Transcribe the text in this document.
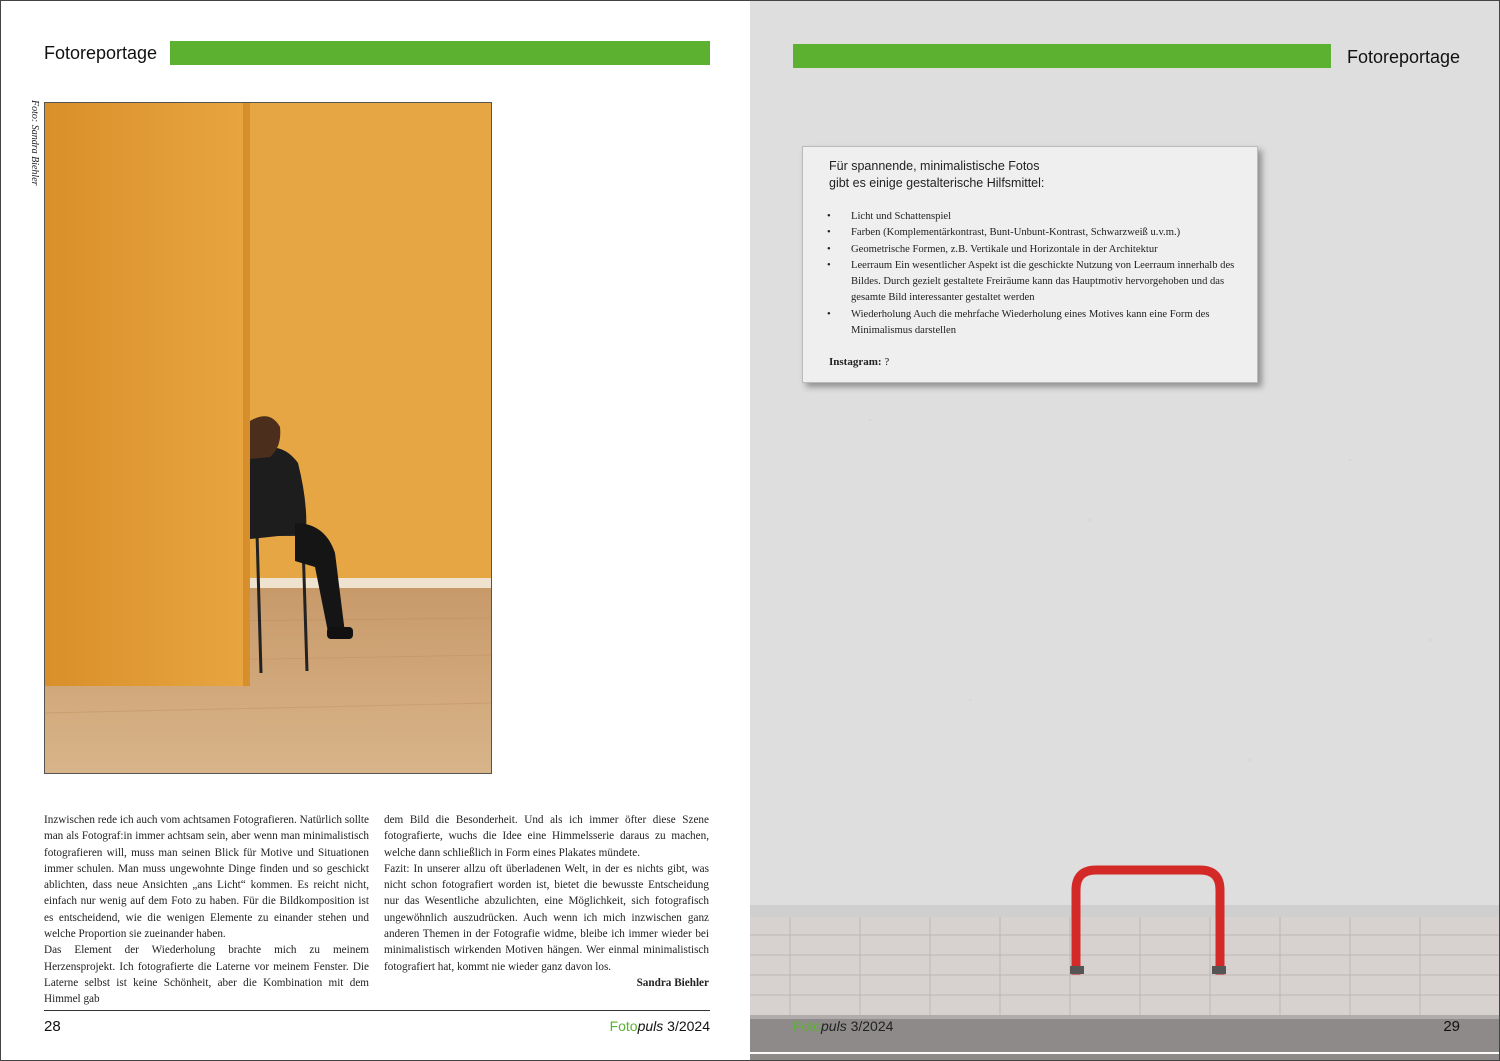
Fotoreportage
Foto: Sandra Biehler

Inzwischen rede ich auch vom achtsamen Fotografieren. Natürlich sollte man als Fotograf:in immer achtsam sein, aber wenn man minimalistisch fotografieren will, muss man seinen Blick für Motive und Situationen immer schulen. Man muss ungewohnte Dinge finden und so geschickt ablichten, dass neue Ansichten „ans Licht“ kommen. Es reicht nicht, einfach nur wenig auf dem Foto zu haben. Für die Bildkomposition ist es entscheidend, wie die wenigen Elemente zu einander stehen und welche Proportion sie zueinander haben.

Das Element der Wiederholung brachte mich zu meinem Herzensprojekt. Ich fotografierte die Laterne vor meinem Fenster. Die Laterne selbst ist keine Schönheit, aber die Kombination mit dem Himmel gab

dem Bild die Besonderheit. Und als ich immer öfter diese Szene fotografierte, wuchs die Idee eine Himmelsserie daraus zu machen, welche dann schließlich in Form eines Plakates mündete.

Fazit: In unserer allzu oft überladenen Welt, in der es nichts gibt, was nicht schon fotografiert worden ist, bietet die bewusste Entscheidung nur das Wesentliche abzulichten, eine Möglichkeit, sich fotografisch ungewöhnlich auszudrücken. Auch wenn ich mich inzwischen ganz anderen Themen in der Fotografie widme, bleibe ich immer wieder bei minimalistisch wirkenden Motiven hängen. Wer einmal minimalistisch fotografiert hat, kommt nie wieder ganz davon los.

Sandra Biehler

28	Fotopuls 3/2024
Fotoreportage
Für spannende, minimalistische Fotos
gibt es einige gestalterische Hilfsmittel:
• Licht und Schattenspiel
• Farben (Komplementärkontrast, Bunt-Unbunt-Kontrast, Schwarzweiß u.v.m.)
• Geometrische Formen, z.B. Vertikale und Horizontale in der Architektur
• Leerraum Ein wesentlicher Aspekt ist die geschickte Nutzung von Leerraum innerhalb des Bildes. Durch gezielt gestaltete Freiräume kann das Hauptmotiv hervorgehoben und das gesamte Bild interessanter gestaltet werden
• Wiederholung Auch die mehrfache Wiederholung eines Motives kann eine Form des Minimalismus darstellen
Instagram: ?
Fotopuls 3/2024	29
